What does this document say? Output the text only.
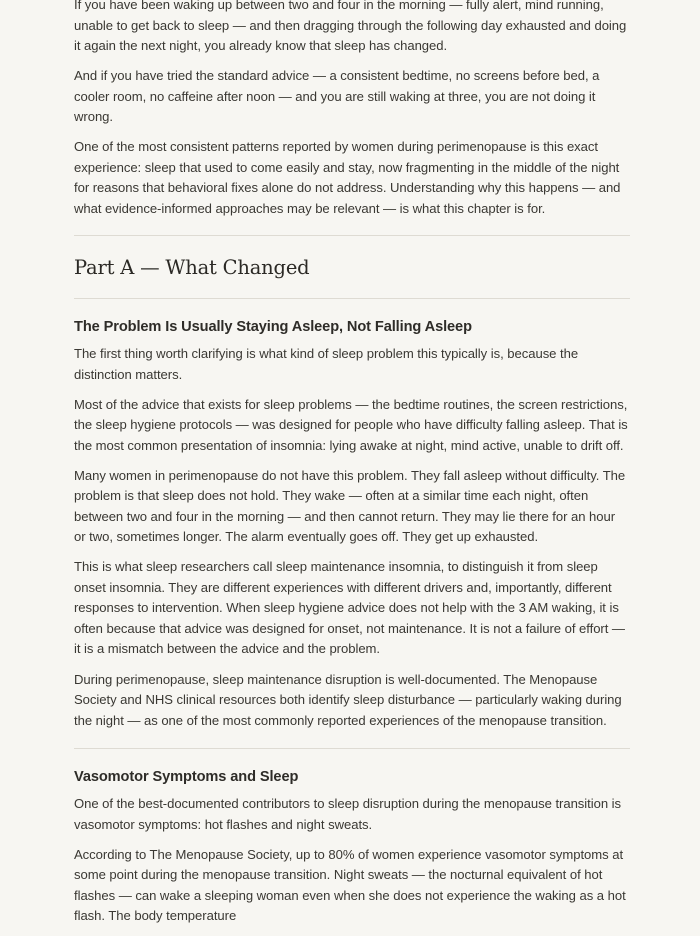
If you have been waking up between two and four in the morning — fully alert, mind running, unable to get back to sleep — and then dragging through the following day exhausted and doing it again the next night, you already know that sleep has changed.

And if you have tried the standard advice — a consistent bedtime, no screens before bed, a cooler room, no caffeine after noon — and you are still waking at three, you are not doing it wrong.

One of the most consistent patterns reported by women during perimenopause is this exact experience: sleep that used to come easily and stay, now fragmenting in the middle of the night for reasons that behavioral fixes alone do not address. Understanding why this happens — and what evidence-informed approaches may be relevant — is what this chapter is for.

Part A — What Changed
The Problem Is Usually Staying Asleep, Not Falling Asleep

The first thing worth clarifying is what kind of sleep problem this typically is, because the distinction matters.

Most of the advice that exists for sleep problems — the bedtime routines, the screen restrictions, the sleep hygiene protocols — was designed for people who have difficulty falling asleep. That is the most common presentation of insomnia: lying awake at night, mind active, unable to drift off.

Many women in perimenopause do not have this problem. They fall asleep without difficulty. The problem is that sleep does not hold. They wake — often at a similar time each night, often between two and four in the morning — and then cannot return. They may lie there for an hour or two, sometimes longer. The alarm eventually goes off. They get up exhausted.

This is what sleep researchers call sleep maintenance insomnia, to distinguish it from sleep onset insomnia. They are different experiences with different drivers and, importantly, different responses to intervention. When sleep hygiene advice does not help with the 3 AM waking, it is often because that advice was designed for onset, not maintenance. It is not a failure of effort — it is a mismatch between the advice and the problem.

During perimenopause, sleep maintenance disruption is well-documented. The Menopause Society and NHS clinical resources both identify sleep disturbance — particularly waking during the night — as one of the most commonly reported experiences of the menopause transition.

Vasomotor Symptoms and Sleep

One of the best-documented contributors to sleep disruption during the menopause transition is vasomotor symptoms: hot flashes and night sweats.

According to The Menopause Society, up to 80% of women experience vasomotor symptoms at some point during the menopause transition. Night sweats — the nocturnal equivalent of hot flashes — can wake a sleeping woman even when she does not experience the waking as a hot flash. The body temperature
